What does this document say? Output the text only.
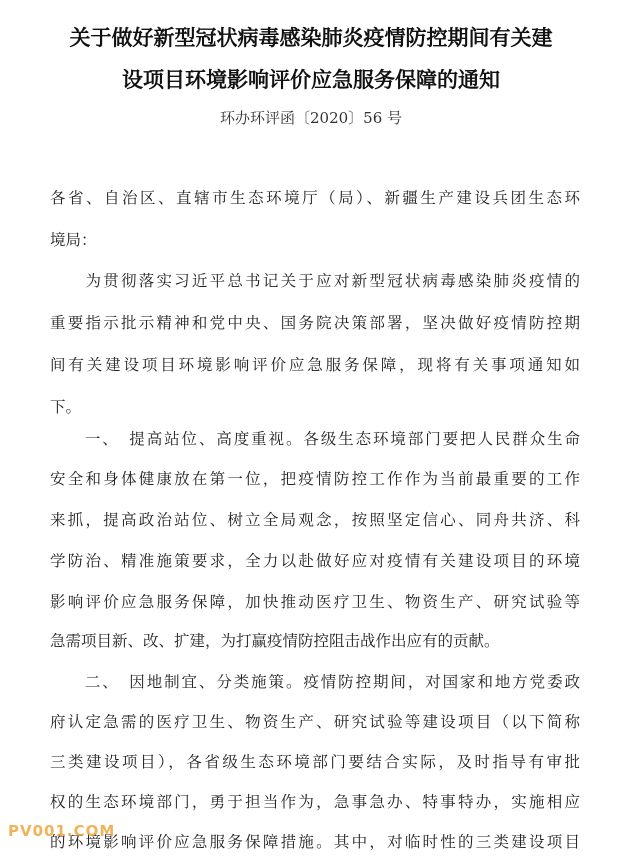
关于做好新型冠状病毒感染肺炎疫情防控期间有关建
设项目环境影响评价应急服务保障的通知
环办环评函〔2020〕56 号
各省、自治区、直辖市生态环境厅（局）、新疆生产建设兵团生态环
境局：
　　为贯彻落实习近平总书记关于应对新型冠状病毒感染肺炎疫情的
重要指示批示精神和党中央、国务院决策部署，坚决做好疫情防控期
间有关建设项目环境影响评价应急服务保障，现将有关事项通知如
下。
　　一、　提高站位、高度重视。各级生态环境部门要把人民群众生命
安全和身体健康放在第一位，把疫情防控工作作为当前最重要的工作
来抓，提高政治站位、树立全局观念，按照坚定信心、同舟共济、科
学防治、精准施策要求，全力以赴做好应对疫情有关建设项目的环境
影响评价应急服务保障，加快推动医疗卫生、物资生产、研究试验等
急需项目新、改、扩建，为打赢疫情防控阻击战作出应有的贡献。
　　二、　因地制宜、分类施策。疫情防控期间，对国家和地方党委政
府认定急需的医疗卫生、物资生产、研究试验等建设项目（以下简称
三类建设项目），各省级生态环境部门要结合实际，及时指导有审批
权的生态环境部门，勇于担当作为，急事急办、特事特办，实施相应
的环境影响评价应急服务保障措施。其中，对临时性的三类建设项目
PV001.COM
